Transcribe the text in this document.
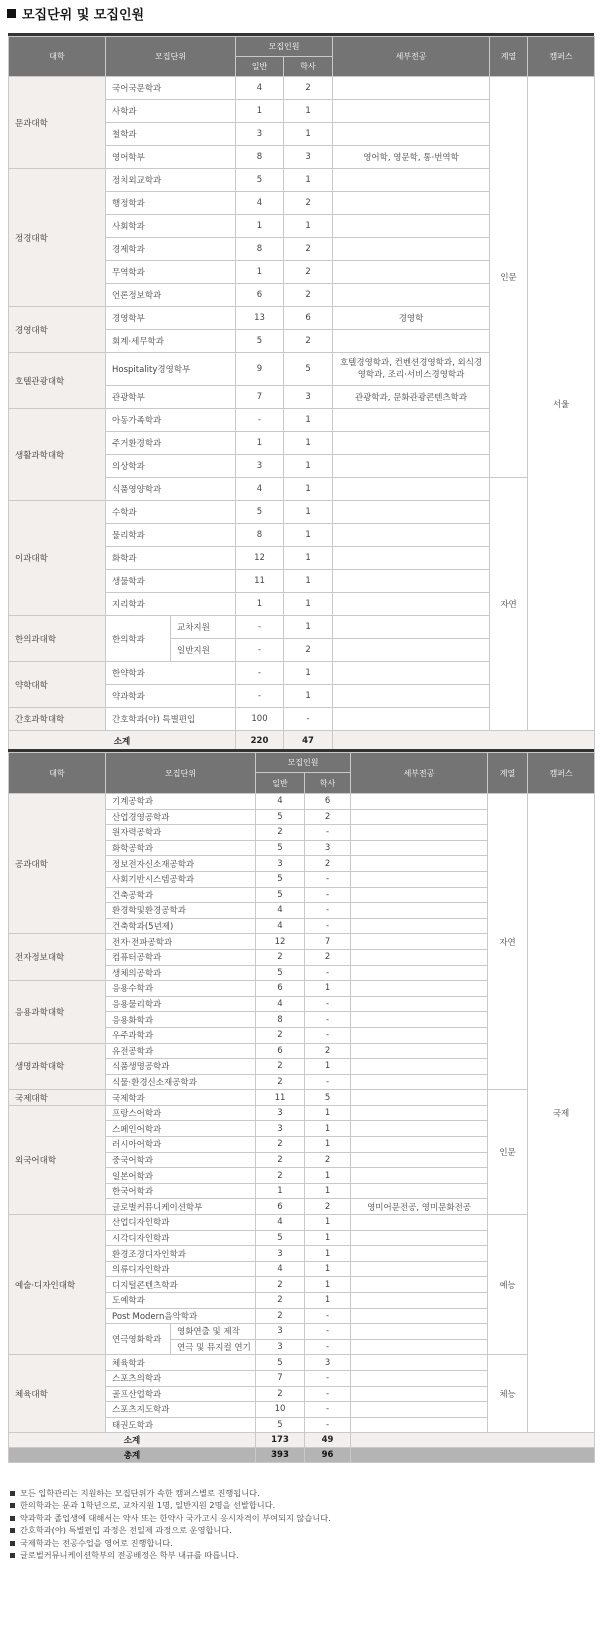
모집단위 및 모집인원
대학	모집단위		모집인원		세부전공	계열	캠퍼스
			일반	학사			
문과대학	국어국문학과		4	2		인문	서울
	사학과		1	1			
	철학과		3	1			
	영어학부		8	3	영어학, 영문학, 통·번역학		
정경대학	정치외교학과		5	1			
	행정학과		4	2			
	사회학과		1	1			
	경제학과		8	2			
	무역학과		1	2			
	언론정보학과		6	2			
경영대학	경영학부		13	6	경영학		
	회계·세무학과		5	2			
호텔관광대학	Hospitality경영학부		9	5	호텔경영학과, 컨벤션경영학과, 외식경영학과, 조리·서비스경영학과		
	관광학부		7	3	관광학과, 문화관광콘텐츠학과		
생활과학대학	아동가족학과		-	1			
	주거환경학과		1	1			
	의상학과		3	1			
	식품영양학과		4	1		자연	
이과대학	수학과		5	1			
	물리학과		8	1			
	화학과		12	1			
	생물학과		11	1			
	지리학과		1	1			
한의과대학	한의학과	교차지원	-	1			
		일반지원	-	2			
약학대학	한약학과		-	1			
	약과학과		-	1			
간호과학대학	간호학과(야) 특별편입		100	-			
소계			220	47			
대학	모집단위		모집인원		세부전공	계열	캠퍼스
			일반	학사			
공과대학	기계공학과		4	6		자연	국제
	산업경영공학과		5	2			
	원자력공학과		2	-			
	화학공학과		5	3			
	정보전자신소재공학과		3	2			
	사회기반시스템공학과		5	-			
	건축공학과		5	-			
	환경학및환경공학과		4	-			
	건축학과(5년제)		4	-			
전자정보대학	전자·전파공학과		12	7			
	컴퓨터공학과		2	2			
	생체의공학과		5	-			
응용과학대학	응용수학과		6	1			
	응용물리학과		4	-			
	응용화학과		8	-			
	우주과학과		2	-			
생명과학대학	유전공학과		6	2			
	식품생명공학과		2	1			
	식물·환경신소재공학과		2	-			
국제대학	국제학과		11	5		인문	
외국어대학	프랑스어학과		3	1			
	스페인어학과		3	1			
	러시아어학과		2	1			
	중국어학과		2	2			
	일본어학과		2	1			
	한국어학과		1	1			
	글로벌커뮤니케이션학부		6	2	영미어문전공, 영미문화전공		
예술·디자인대학	산업디자인학과		4	1		예능	
	시각디자인학과		5	1			
	환경조경디자인학과		3	1			
	의류디자인학과		4	1			
	디지털콘텐츠학과		2	1			
	도예학과		2	1			
	Post Modern음악학과		2	-			
	연극영화학과	영화연출 및 제작	3	-			
		연극 및 뮤지컬 연기	3	-			
체육대학	체육학과		5	3		체능	
	스포츠의학과		7	-			
	골프산업학과		2	-			
	스포츠지도학과		10	-			
	태권도학과		5	-			
소계			173	49			
총계			393	96			
모든 입학관리는 지원하는 모집단위가 속한 캠퍼스별로 진행됩니다.
한의학과는 문과 1학년으로, 교차지원 1명, 일반지원 2명을 선발합니다.
약과학과 졸업생에 대해서는 약사 또는 한약사 국가고시 응시자격이 부여되지 않습니다.
간호학과(야) 특별편입 과정은 전일제 과정으로 운영합니다.
국제학과는 전공수업을 영어로 진행합니다.
글로벌커뮤니케이션학부의 전공배정은 학부 내규를 따릅니다.
